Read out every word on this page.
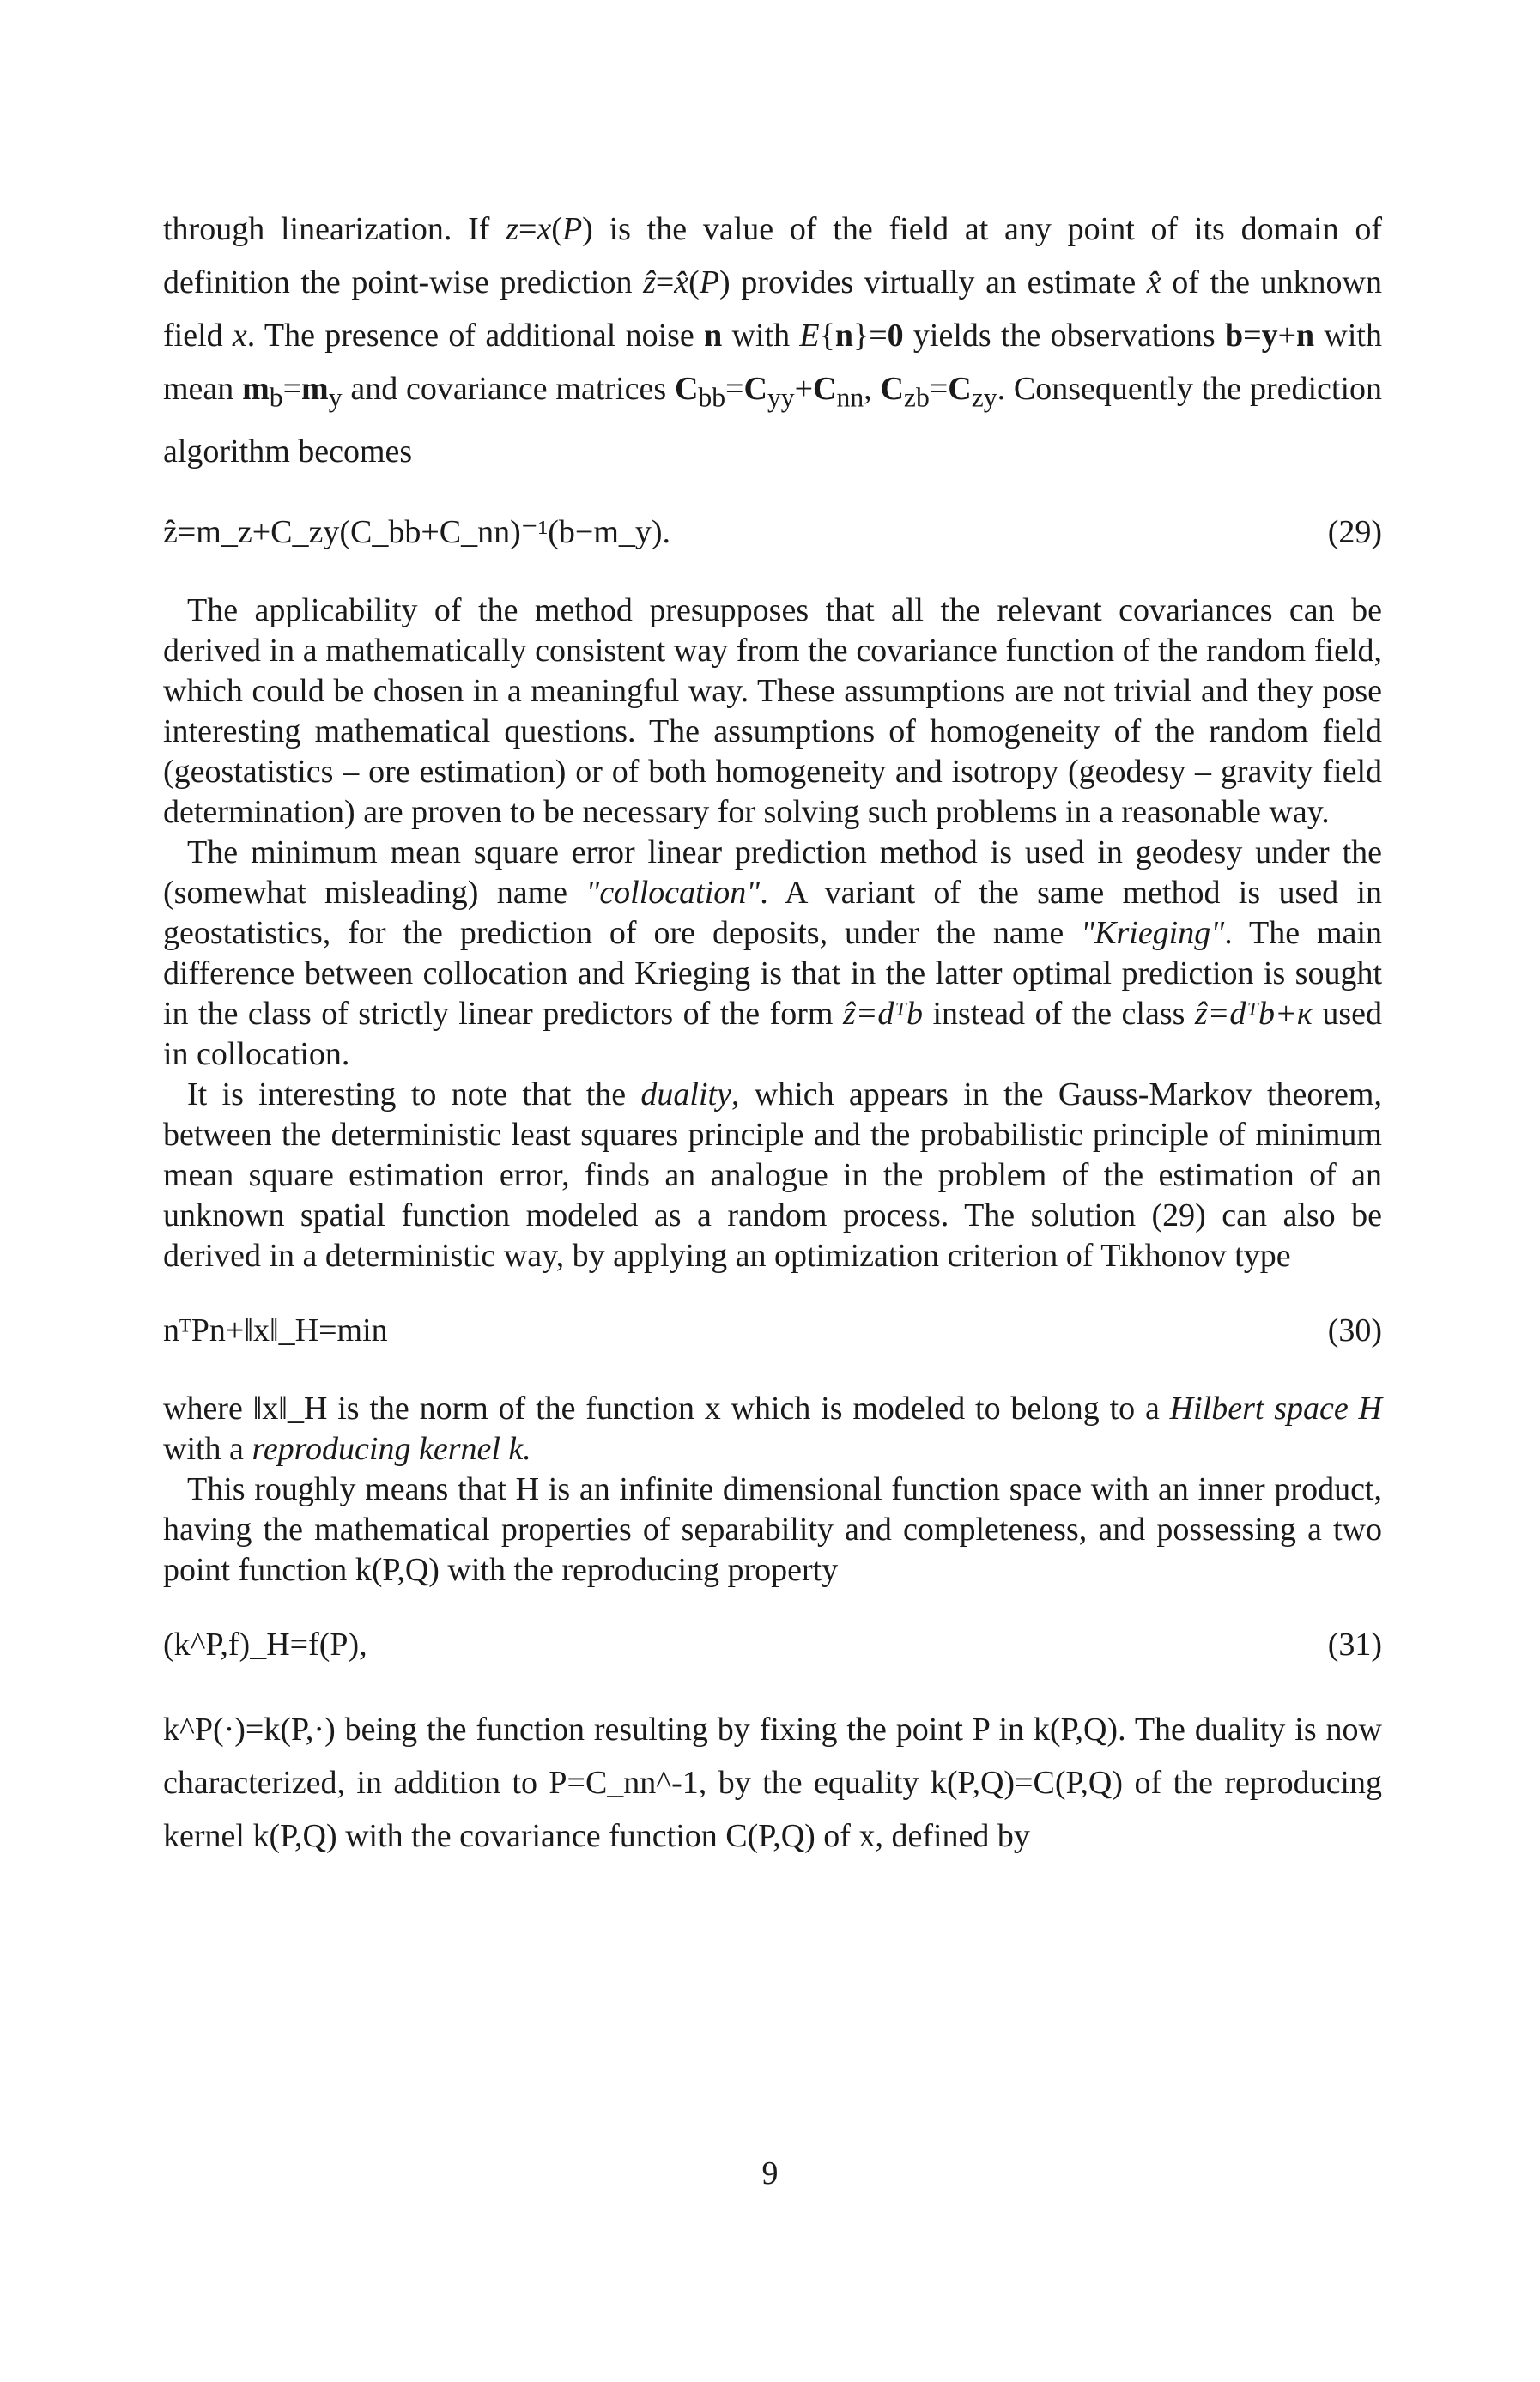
through linearization. If z=x(P) is the value of the field at any point of its domain of definition the point-wise prediction ẑ=x̂(P) provides virtually an estimate x̂ of the unknown field x. The presence of additional noise n with E{n}=0 yields the observations b=y+n with mean $m_b=m_y$ and covariance matrices $C_{bb}=C_{yy}+C_{nn}$, $C_{zb}=C_{zy}$. Consequently the prediction algorithm becomes

ẑ=m_z+C_zy(C_bb+C_nn)⁻¹(b−m_y).	(29)

The applicability of the method presupposes that all the relevant covariances can be derived in a mathematically consistent way from the covariance function of the random field, which could be chosen in a meaningful way. These assumptions are not trivial and they pose interesting mathematical questions. The assumptions of homogeneity of the random field (geostatistics – ore estimation) or of both homogeneity and isotropy (geodesy – gravity field determination) are proven to be necessary for solving such problems in a reasonable way.

The minimum mean square error linear prediction method is used in geodesy under the (somewhat misleading) name "collocation". A variant of the same method is used in geostatistics, for the prediction of ore deposits, under the name "Krieging". The main difference between collocation and Krieging is that in the latter optimal prediction is sought in the class of strictly linear predictors of the form ẑ=dᵀb instead of the class ẑ=dᵀb+κ used in collocation.

It is interesting to note that the duality, which appears in the Gauss-Markov theorem, between the deterministic least squares principle and the probabilistic principle of minimum mean square estimation error, finds an analogue in the problem of the estimation of an unknown spatial function modeled as a random process. The solution (29) can also be derived in a deterministic way, by applying an optimization criterion of Tikhonov type

nᵀPn+‖x‖_H=min	(30)

where ‖x‖_H is the norm of the function x which is modeled to belong to a Hilbert space H with a reproducing kernel k.

This roughly means that H is an infinite dimensional function space with an inner product, having the mathematical properties of separability and completeness, and possessing a two point function k(P,Q) with the reproducing property

(k^P,f)_H=f(P),	(31)

k^P(·)=k(P,·) being the function resulting by fixing the point P in k(P,Q). The duality is now characterized, in addition to P=C_nn^-1, by the equality k(P,Q)=C(P,Q) of the reproducing kernel k(P,Q) with the covariance function C(P,Q) of x, defined by

9
